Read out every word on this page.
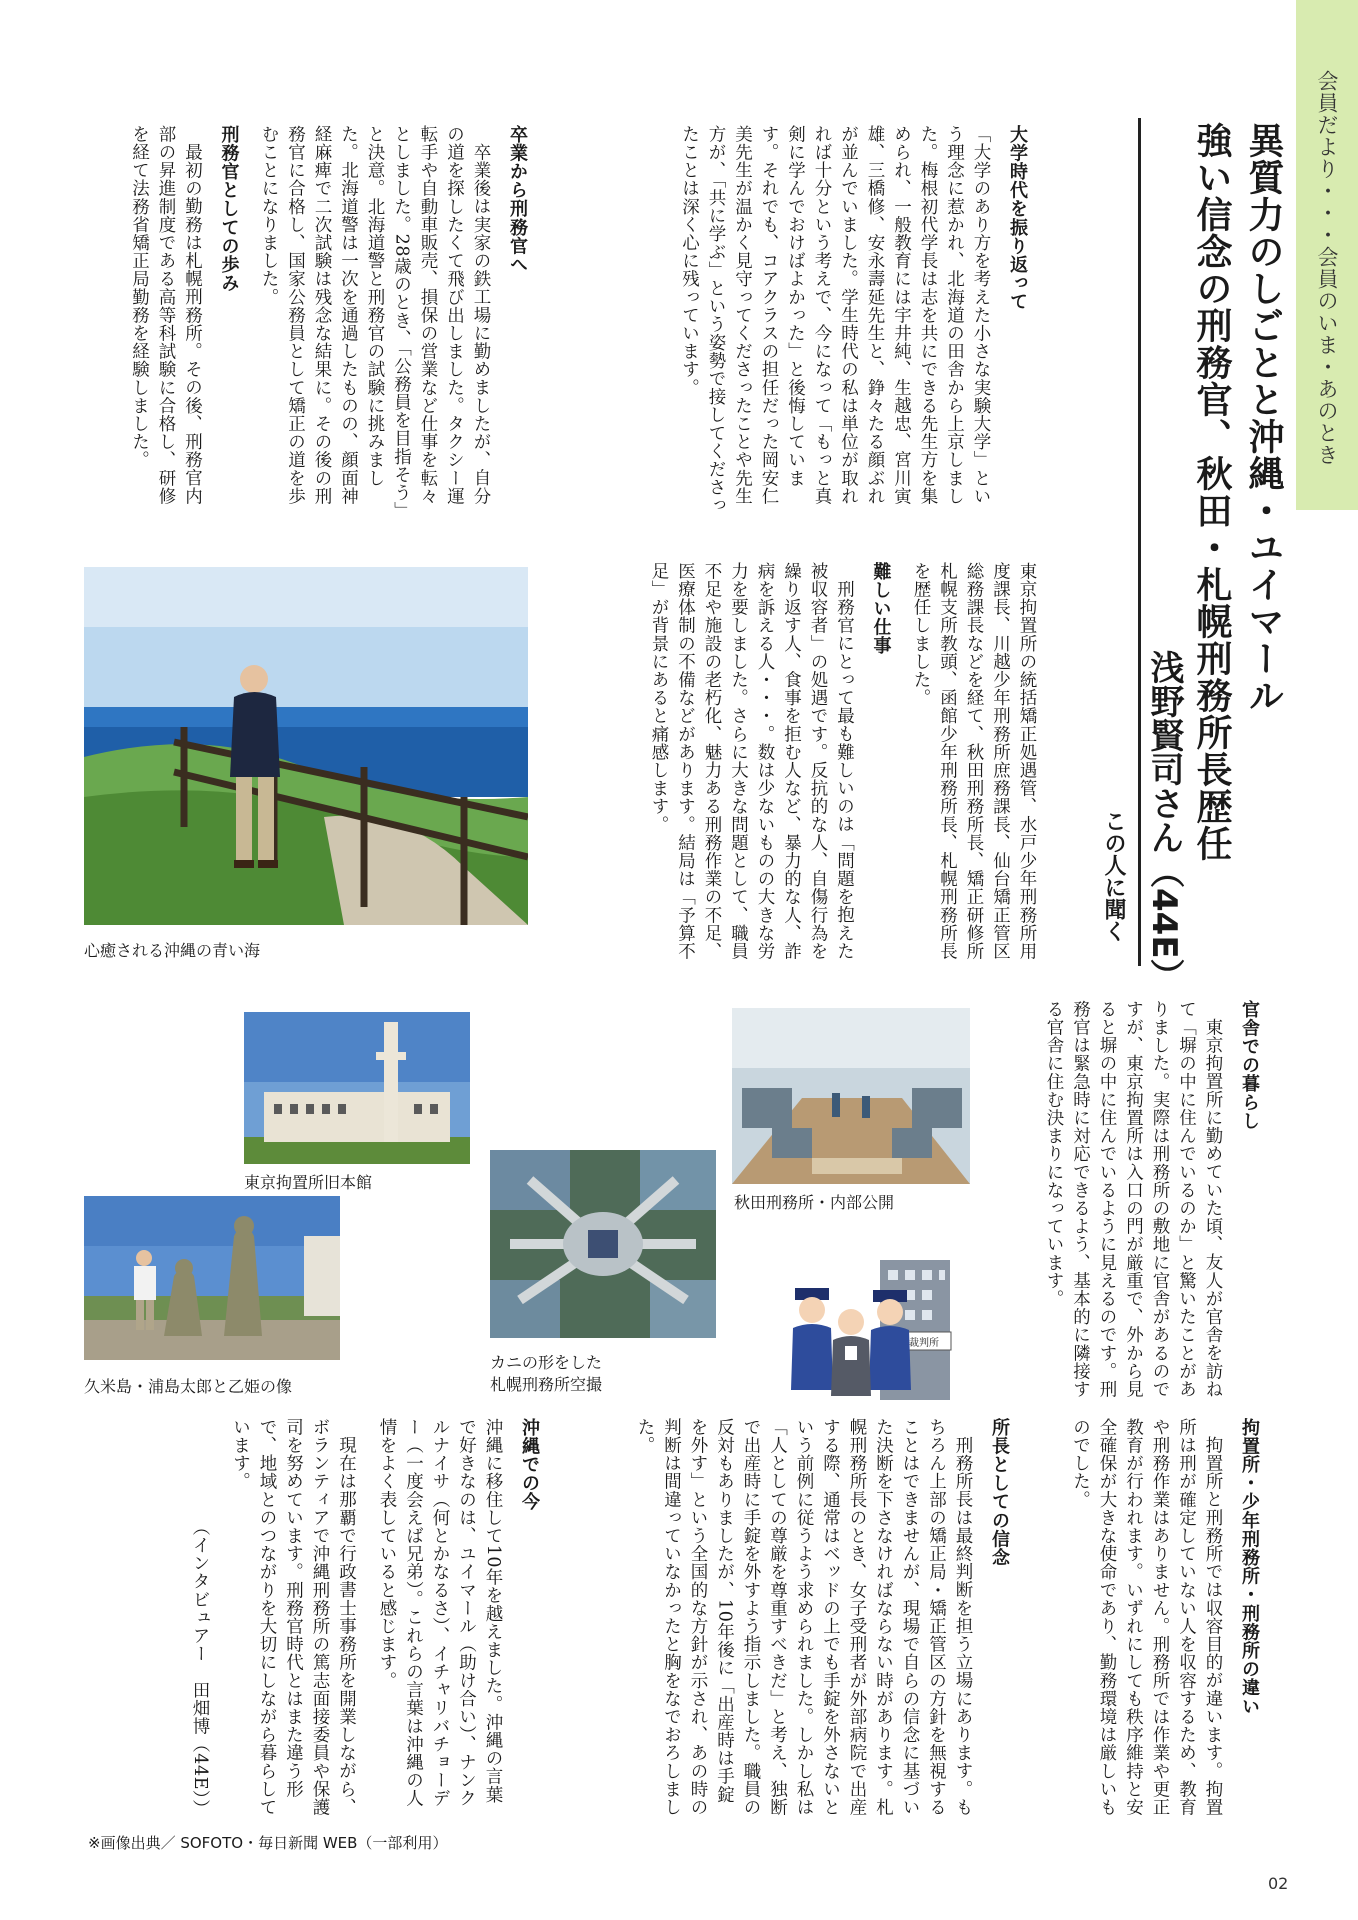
会員だより・・・会員のいま・あのとき
異質力のしごとと沖縄・ユイマール
強い信念の刑務官、秋田・札幌刑務所長歴任
浅野賢司さん（44E）
この人に聞く

東京拘置所の統括矯正処遇管、水戸少年刑務所用度課長、川越少年刑務所庶務課長、仙台矯正管区総務課長などを経て、秋田刑務所長、矯正研修所札幌支所教頭、函館少年刑務所長、札幌刑務所長を歴任しました。

難しい仕事

刑務官にとって最も難しいのは「問題を抱えた被収容者」の処遇です。反抗的な人、自傷行為を繰り返す人、食事を拒む人など、暴力的な人、詐病を訴える人・・・。数は少ないものの大きな労力を要しました。さらに大きな問題として、職員不足や施設の老朽化、魅力ある刑務作業の不足、医療体制の不備などがあります。結局は「予算不足」が背景にあると痛感します。

大学時代を振り返って

「大学のあり方を考えた小さな実験大学」という理念に惹かれ、北海道の田舎から上京しました。梅根初代学長は志を共にできる先生方を集められ、一般教育には宇井純、生越忠、宮川寅雄、三橋修、安永壽延先生と、錚々たる顔ぶれが並んでいました。学生時代の私は単位が取れれば十分という考えで、今になって「もっと真剣に学んでおけばよかった」と後悔しています。それでも、コアクラスの担任だった岡安仁美先生が温かく見守ってくださったことや先生方が、「共に学ぶ」という姿勢で接してくださったことは深く心に残っています。

卒業から刑務官へ

卒業後は実家の鉄工場に勤めましたが、自分の道を探したくて飛び出しました。タクシー運転手や自動車販売、損保の営業など仕事を転々としました。28歳のとき、「公務員を目指そう」と決意。北海道警と刑務官の試験に挑みました。北海道警は一次を通過したものの、顔面神経麻痺で二次試験は残念な結果に。その後の刑務官に合格し、国家公務員として矯正の道を歩むことになりました。

刑務官としての歩み

最初の勤務は札幌刑務所。その後、刑務官内部の昇進制度である高等科試験に合格し、研修を経て法務省矯正局勤務を経験しました。

官舎での暮らし

東京拘置所に勤めていた頃、友人が官舎を訪ねて「塀の中に住んでいるのか」と驚いたことがありました。実際は刑務所の敷地に官舎があるのですが、東京拘置所は入口の門が厳重で、外から見ると塀の中に住んでいるように見えるのです。刑務官は緊急時に対応できるよう、基本的に隣接する官舎に住む決まりになっています。

拘置所・少年刑務所・刑務所の違い

拘置所と刑務所では収容目的が違います。拘置所は刑が確定していない人を収容するため、教育や刑務作業はありません。刑務所では作業や更正教育が行われます。いずれにしても秩序維持と安全確保が大きな使命であり、勤務環境は厳しいものでした。

所長としての信念

刑務所長は最終判断を担う立場にあります。もちろん上部の矯正局・矯正管区の方針を無視することはできませんが、現場で自らの信念に基づいた決断を下さなければならない時があります。札幌刑務所長のとき、女子受刑者が外部病院で出産する際、通常はベッドの上でも手錠を外さないという前例に従うよう求められました。しかし私は「人としての尊厳を尊重すべきだ」と考え、独断で出産時に手錠を外すよう指示しました。職員の反対もありましたが、10年後に「出産時は手錠を外す」という全国的な方針が示され、あの時の判断は間違っていなかったと胸をなでおろしました。

沖縄での今

沖縄に移住して10年を越えました。沖縄の言葉で好きなのは、ユイマール（助け合い）、ナンクルナイサ（何とかなるさ）、イチャリバチョーデー（一度会えば兄弟）。これらの言葉は沖縄の人情をよく表していると感じます。

現在は那覇で行政書士事務所を開業しながら、ボランティアで沖縄刑務所の篤志面接委員や保護司を努めています。刑務官時代とはまた違う形で、地域とのつながりを大切にしながら暮らしています。

（インタビュアー　田畑博（44E））

心癒される沖縄の青い海
東京拘置所旧本館
秋田刑務所・内部公開
カニの形をした
札幌刑務所空撮
久米島・浦島太郎と乙姫の像
裁判所
※画像出典／ SOFOTO・毎日新聞 WEB（一部利用）
02
